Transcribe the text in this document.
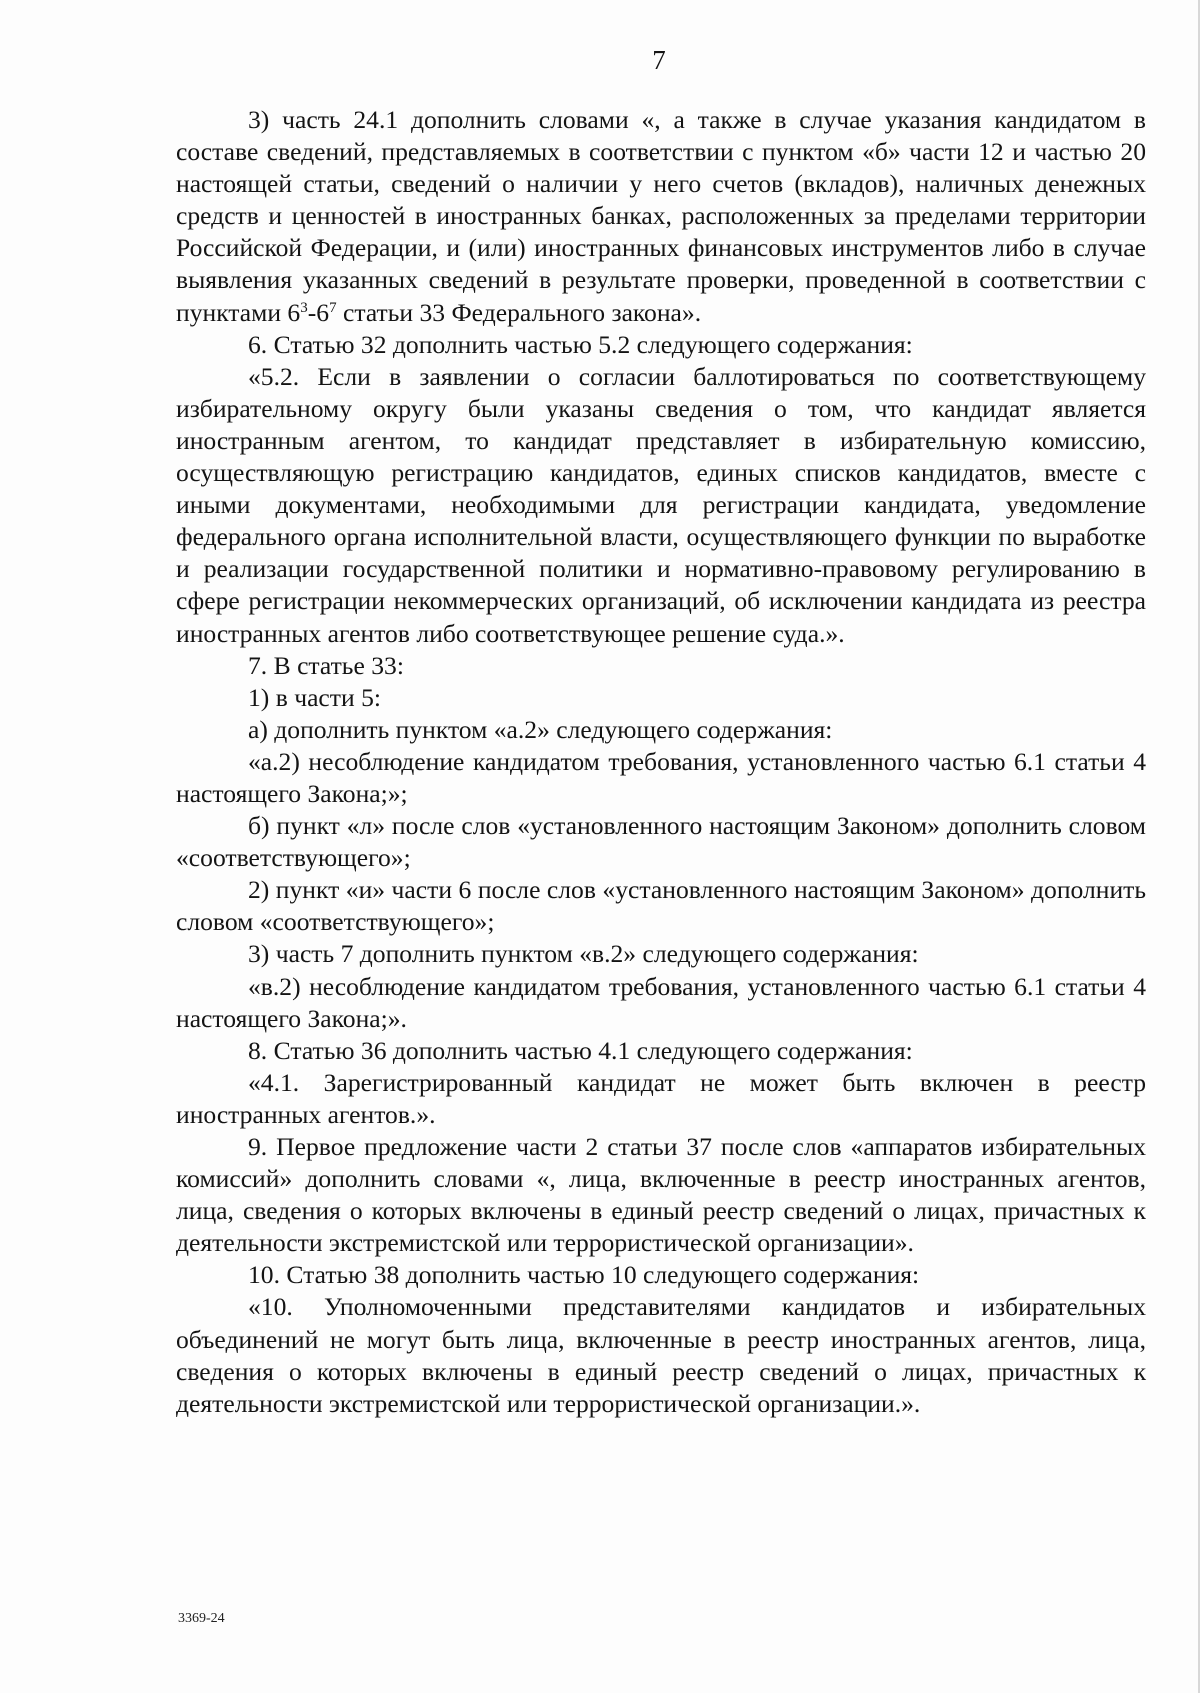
7

3) часть 24.1 дополнить словами «, а также в случае указания кандидатом в составе сведений, представляемых в соответствии с пунктом «б» части 12 и частью 20 настоящей статьи, сведений о наличии у него счетов (вкладов), наличных денежных средств и ценностей в иностранных банках, расположенных за пределами территории Российской Федерации, и (или) иностранных финансовых инструментов либо в случае выявления указанных сведений в результате проверки, проведенной в соответствии с пунктами $6^3-6^7$ статьи 33 Федерального закона».

6. Статью 32 дополнить частью 5.2 следующего содержания:

«5.2. Если в заявлении о согласии баллотироваться по соответствующему избирательному округу были указаны сведения о том, что кандидат является иностранным агентом, то кандидат представляет в избирательную комиссию, осуществляющую регистрацию кандидатов, единых списков кандидатов, вместе с иными документами, необходимыми для регистрации кандидата, уведомление федерального органа исполнительной власти, осуществляющего функции по выработке и реализации государственной политики и нормативно-правовому регулированию в сфере регистрации некоммерческих организаций, об исключении кандидата из реестра иностранных агентов либо соответствующее решение суда.».

7. В статье 33:

1) в части 5:

а) дополнить пунктом «а.2» следующего содержания:

«а.2) несоблюдение кандидатом требования, установленного частью 6.1 статьи 4 настоящего Закона;»;

б) пункт «л» после слов «установленного настоящим Законом» дополнить словом «соответствующего»;

2) пункт «и» части 6 после слов «установленного настоящим Законом» дополнить словом «соответствующего»;

3) часть 7 дополнить пунктом «в.2» следующего содержания:

«в.2) несоблюдение кандидатом требования, установленного частью 6.1 статьи 4 настоящего Закона;».

8. Статью 36 дополнить частью 4.1 следующего содержания:

«4.1. Зарегистрированный кандидат не может быть включен в реестр иностранных агентов.».

9. Первое предложение части 2 статьи 37 после слов «аппаратов избирательных комиссий» дополнить словами «, лица, включенные в реестр иностранных агентов, лица, сведения о которых включены в единый реестр сведений о лицах, причастных к деятельности экстремистской или террористической организации».

10. Статью 38 дополнить частью 10 следующего содержания:

«10. Уполномоченными представителями кандидатов и избирательных объединений не могут быть лица, включенные в реестр иностранных агентов, лица, сведения о которых включены в единый реестр сведений о лицах, причастных к деятельности экстремистской или террористической организации.».

3369-24
